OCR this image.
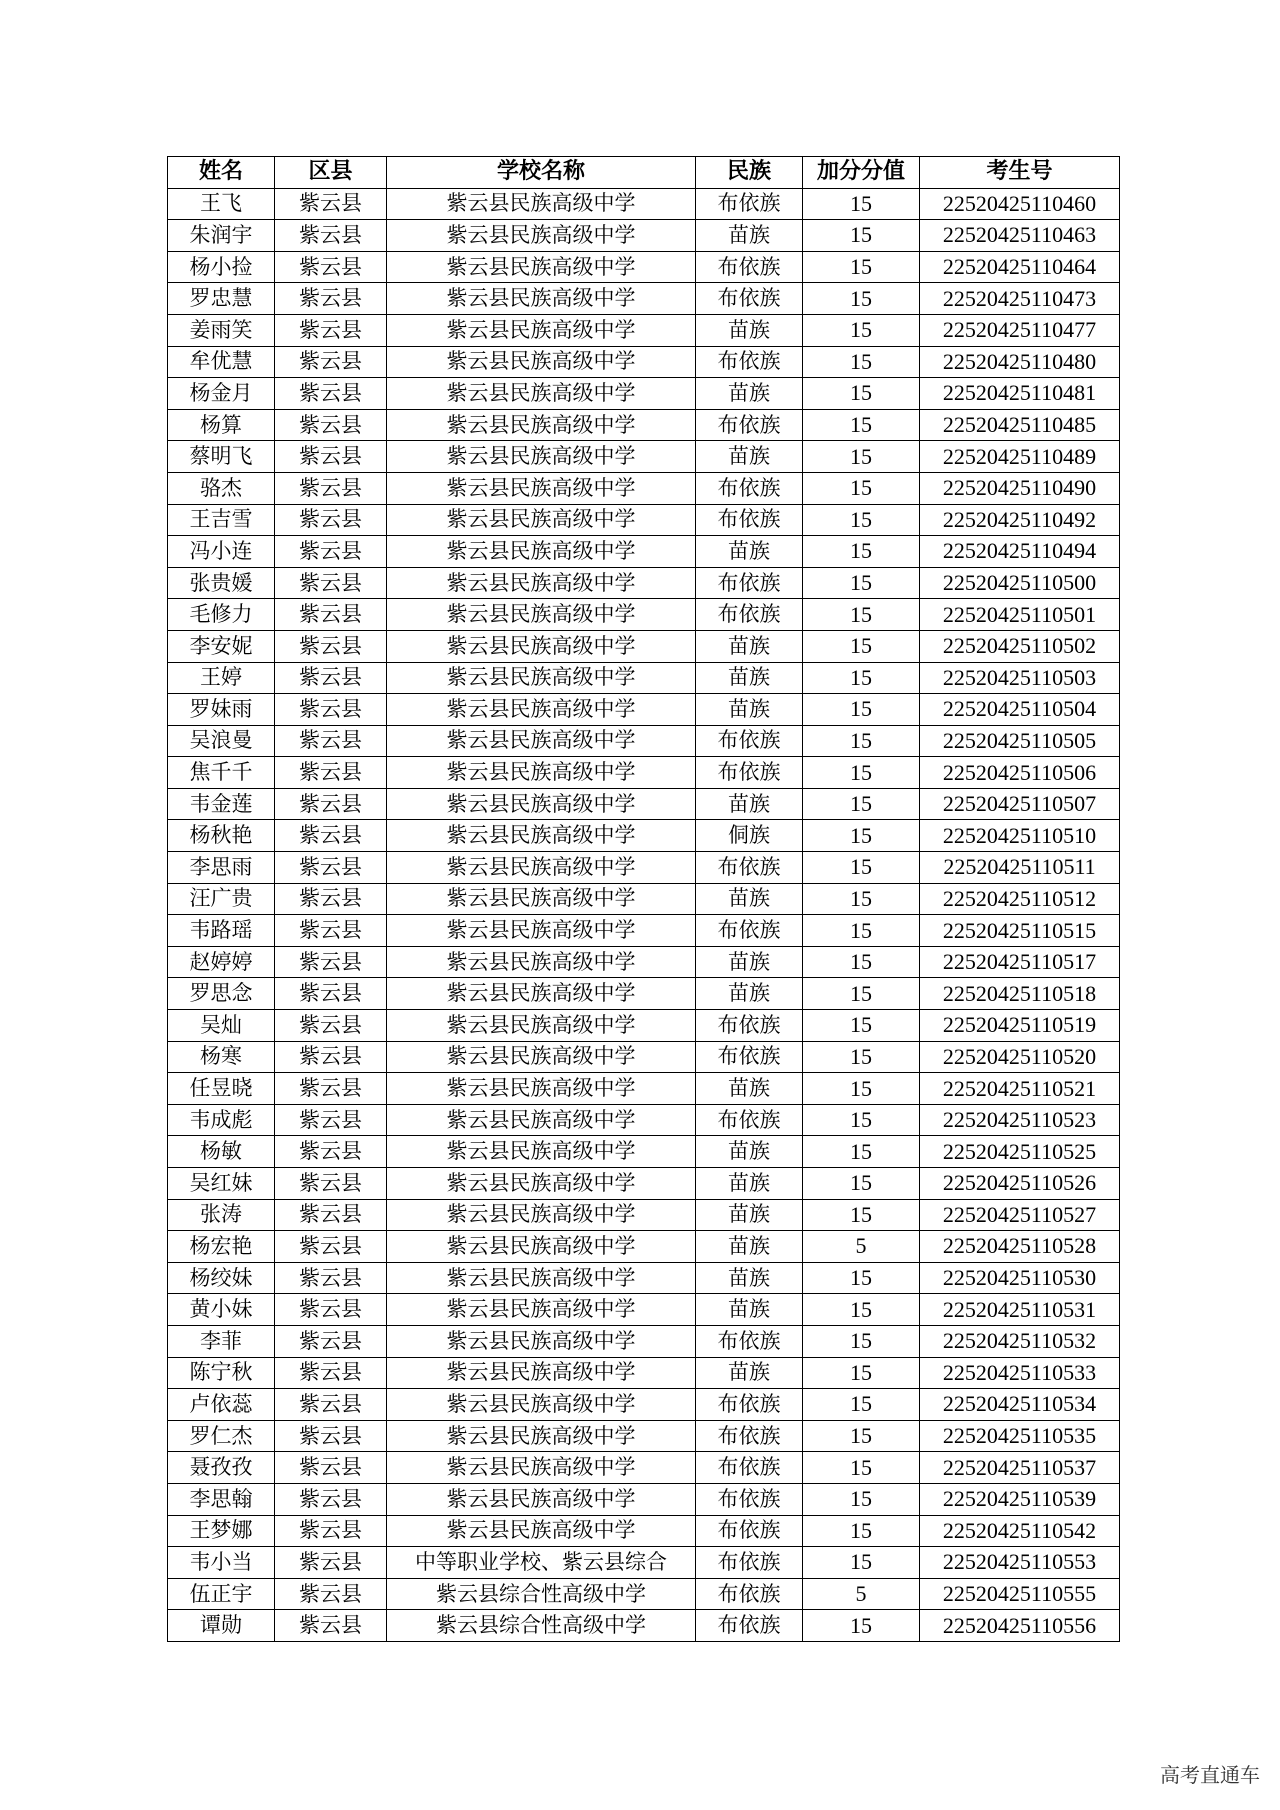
姓名	区县	学校名称	民族	加分分值	考生号
王飞	紫云县	紫云县民族高级中学	布依族	15	22520425110460
朱润宇	紫云县	紫云县民族高级中学	苗族	15	22520425110463
杨小捡	紫云县	紫云县民族高级中学	布依族	15	22520425110464
罗忠慧	紫云县	紫云县民族高级中学	布依族	15	22520425110473
姜雨笑	紫云县	紫云县民族高级中学	苗族	15	22520425110477
牟优慧	紫云县	紫云县民族高级中学	布依族	15	22520425110480
杨金月	紫云县	紫云县民族高级中学	苗族	15	22520425110481
杨算	紫云县	紫云县民族高级中学	布依族	15	22520425110485
蔡明飞	紫云县	紫云县民族高级中学	苗族	15	22520425110489
骆杰	紫云县	紫云县民族高级中学	布依族	15	22520425110490
王吉雪	紫云县	紫云县民族高级中学	布依族	15	22520425110492
冯小连	紫云县	紫云县民族高级中学	苗族	15	22520425110494
张贵媛	紫云县	紫云县民族高级中学	布依族	15	22520425110500
毛修力	紫云县	紫云县民族高级中学	布依族	15	22520425110501
李安妮	紫云县	紫云县民族高级中学	苗族	15	22520425110502
王婷	紫云县	紫云县民族高级中学	苗族	15	22520425110503
罗妹雨	紫云县	紫云县民族高级中学	苗族	15	22520425110504
吴浪曼	紫云县	紫云县民族高级中学	布依族	15	22520425110505
焦千千	紫云县	紫云县民族高级中学	布依族	15	22520425110506
韦金莲	紫云县	紫云县民族高级中学	苗族	15	22520425110507
杨秋艳	紫云县	紫云县民族高级中学	侗族	15	22520425110510
李思雨	紫云县	紫云县民族高级中学	布依族	15	22520425110511
汪广贵	紫云县	紫云县民族高级中学	苗族	15	22520425110512
韦路瑶	紫云县	紫云县民族高级中学	布依族	15	22520425110515
赵婷婷	紫云县	紫云县民族高级中学	苗族	15	22520425110517
罗思念	紫云县	紫云县民族高级中学	苗族	15	22520425110518
吴灿	紫云县	紫云县民族高级中学	布依族	15	22520425110519
杨寒	紫云县	紫云县民族高级中学	布依族	15	22520425110520
任昱晓	紫云县	紫云县民族高级中学	苗族	15	22520425110521
韦成彪	紫云县	紫云县民族高级中学	布依族	15	22520425110523
杨敏	紫云县	紫云县民族高级中学	苗族	15	22520425110525
吴红妹	紫云县	紫云县民族高级中学	苗族	15	22520425110526
张涛	紫云县	紫云县民族高级中学	苗族	15	22520425110527
杨宏艳	紫云县	紫云县民族高级中学	苗族	5	22520425110528
杨绞妹	紫云县	紫云县民族高级中学	苗族	15	22520425110530
黄小妹	紫云县	紫云县民族高级中学	苗族	15	22520425110531
李菲	紫云县	紫云县民族高级中学	布依族	15	22520425110532
陈宁秋	紫云县	紫云县民族高级中学	苗族	15	22520425110533
卢依蕊	紫云县	紫云县民族高级中学	布依族	15	22520425110534
罗仁杰	紫云县	紫云县民族高级中学	布依族	15	22520425110535
聂孜孜	紫云县	紫云县民族高级中学	布依族	15	22520425110537
李思翰	紫云县	紫云县民族高级中学	布依族	15	22520425110539
王梦娜	紫云县	紫云县民族高级中学	布依族	15	22520425110542
韦小当	紫云县	中等职业学校、紫云县综合	布依族	15	22520425110553
伍正宇	紫云县	紫云县综合性高级中学	布依族	5	22520425110555
谭勋	紫云县	紫云县综合性高级中学	布依族	15	22520425110556
高考直通车
